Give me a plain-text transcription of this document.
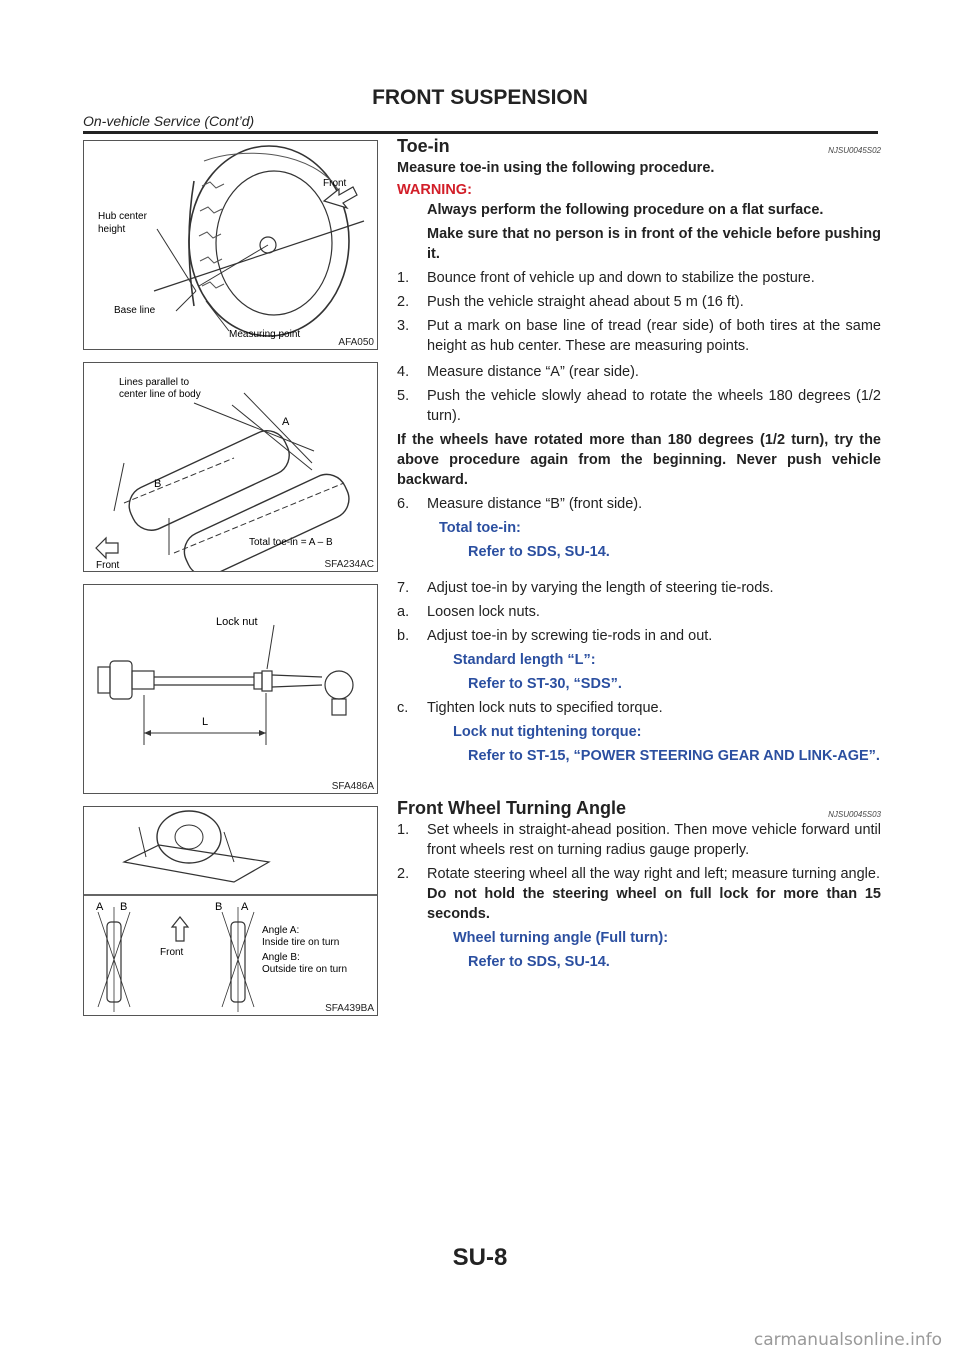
FRONT SUSPENSION
On-vehicle Service (Cont’d)
Front
Hub center
height
Base line
Measuring point
AFA050
Lines parallel to
center line of body
A
B
Total toe-in = A – B
Front	SFA234AC
Lock nut
L
SFA486A
A B	B A
Front
Angle A:
Inside tire on turn
Angle B:
Outside tire on turn
SFA439BA
Toe-in	NJSU0045S02
Measure toe-in using the following procedure.
WARNING:
Always perform the following procedure on a flat surface.
Make sure that no person is in front of the vehicle before pushing it.
1.	Bounce front of vehicle up and down to stabilize the posture.
2.	Push the vehicle straight ahead about 5 m (16 ft).
3.	Put a mark on base line of tread (rear side) of both tires at the same height as hub center. These are measuring points.
4.	Measure distance “A” (rear side).
5.	Push the vehicle slowly ahead to rotate the wheels 180 degrees (1/2 turn).
If the wheels have rotated more than 180 degrees (1/2 turn), try the above procedure again from the beginning. Never push vehicle backward.
6.	Measure distance “B” (front side).
Total toe-in:
Refer to SDS, SU-14.
7.	Adjust toe-in by varying the length of steering tie-rods.
a.	Loosen lock nuts.
b.	Adjust toe-in by screwing tie-rods in and out.
Standard length “L”:
Refer to ST-30, “SDS”.
c.	Tighten lock nuts to specified torque.
Lock nut tightening torque:
Refer to ST-15, “POWER STEERING GEAR AND LINK-AGE”.
Front Wheel Turning Angle	NJSU0045S03
1.	Set wheels in straight-ahead position. Then move vehicle forward until front wheels rest on turning radius gauge properly.
2.	Rotate steering wheel all the way right and left; measure turning angle.
Do not hold the steering wheel on full lock for more than 15 seconds.
Wheel turning angle (Full turn):
Refer to SDS, SU-14.
SU-8
carmanualsonline.info
